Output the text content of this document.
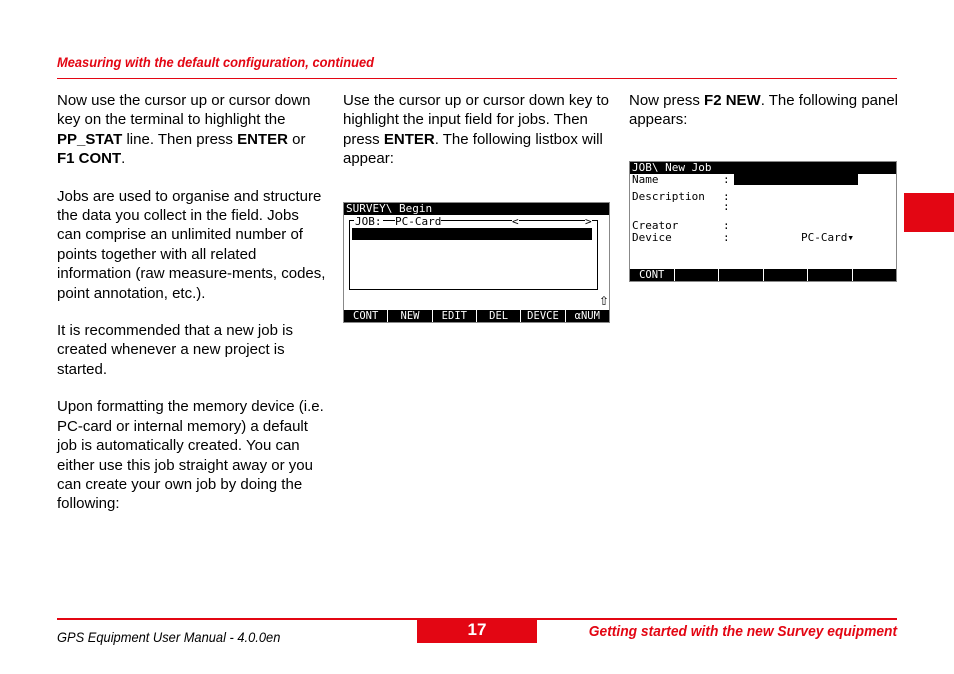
Measuring with the default configuration, continued

Now use the cursor up or cursor down key on the terminal to highlight the PP_STAT line. Then press ENTER or F1 CONT.

Jobs are used to organise and structure the data you collect in the field. Jobs can comprise an unlimited number of points together with all related information (raw measure-ments, codes, point annotation, etc.).

It is recommended that a new job is created whenever a new project is started.

Upon formatting the memory device (i.e. PC-card or internal memory) a default job is automatically created. You can either use this job straight away or you can create your own job by doing the following:

Use the cursor up or cursor down key to highlight the input field for jobs. Then press ENTER. The following listbox will appear:

Now press F2 NEW. The following panel appears:

SURVEY\ Begin
JOB: PC-Card	<	>

Default

17.04.00

⇧
CONT	NEW	EDIT	DEL	DEVCE	αNUM
JOB\ New Job
Name	:
Description :
:
Creator	:
Device	:	PC-Card▾
CONT
GPS Equipment User Manual - 4.0.0en	17	Getting started with the new Survey equipment
